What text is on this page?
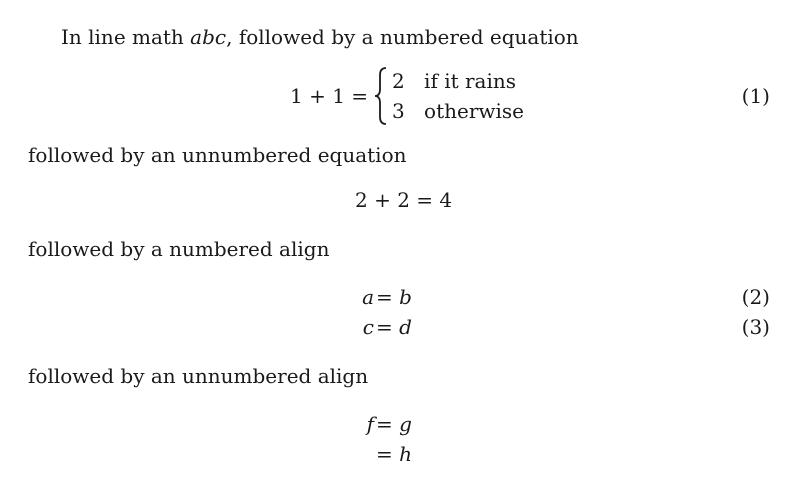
In line math abc, followed by a numbered equation
1 + 1 =
2 if it rains
3 otherwise
(1)
followed by an unnumbered equation
2 + 2 = 4
followed by a numbered align
a = b
c = d
(2)
(3)
followed by an unnumbered align
f = g
= h
